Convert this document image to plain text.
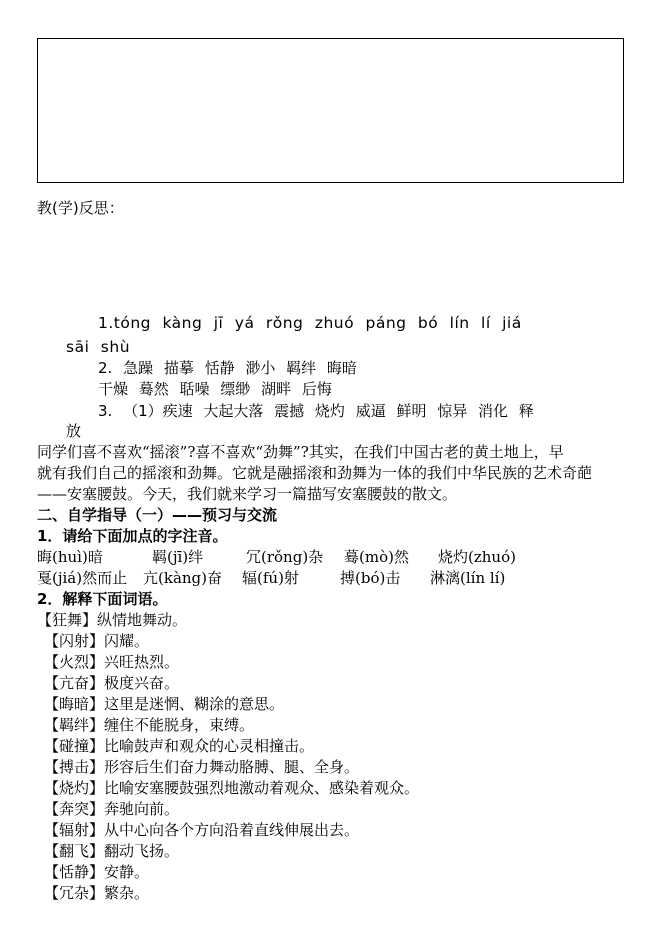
教(学)反思：
1.tóng kàng jī yá rǒng zhuó páng bó lín lí jiá
sāi shù
2. 急躁 描摹 恬静 渺小 羁绊 晦暗
干燥 蓦然 聒噪 缥缈 湖畔 后悔
3. （1）疾速 大起大落 震撼 烧灼 威逼 鲜明 惊异 消化 释
放
同学们喜不喜欢“摇滚”?喜不喜欢“劲舞”?其实，在我们中国古老的黄土地上，早
就有我们自己的摇滚和劲舞。它就是融摇滚和劲舞为一体的我们中华民族的艺术奇葩
——安塞腰鼓。今天，我们就来学习一篇描写安塞腰鼓的散文。
二、自学指导（一）——预习与交流
1．请给下面加点的字注音。
晦(huì)暗	羁(jī)绊	冗(rǒng)杂 蓦(mò)然 烧灼(zhuó)
戛(jiá)然而止 亢(kàng)奋 辐(fú)射	搏(bó)击 淋漓(lín lí)
2．解释下面词语。
【狂舞】纵情地舞动。
【闪射】闪耀。
【火烈】兴旺热烈。
【亢奋】极度兴奋。
【晦暗】这里是迷惘、糊涂的意思。
【羁绊】缠住不能脱身，束缚。
【碰撞】比喻鼓声和观众的心灵相撞击。
【搏击】形容后生们奋力舞动胳膊、腿、全身。
【烧灼】比喻安塞腰鼓强烈地激动着观众、感染着观众。
【奔突】奔驰向前。
【辐射】从中心向各个方向沿着直线伸展出去。
【翻飞】翻动飞扬。
【恬静】安静。
【冗杂】繁杂。
